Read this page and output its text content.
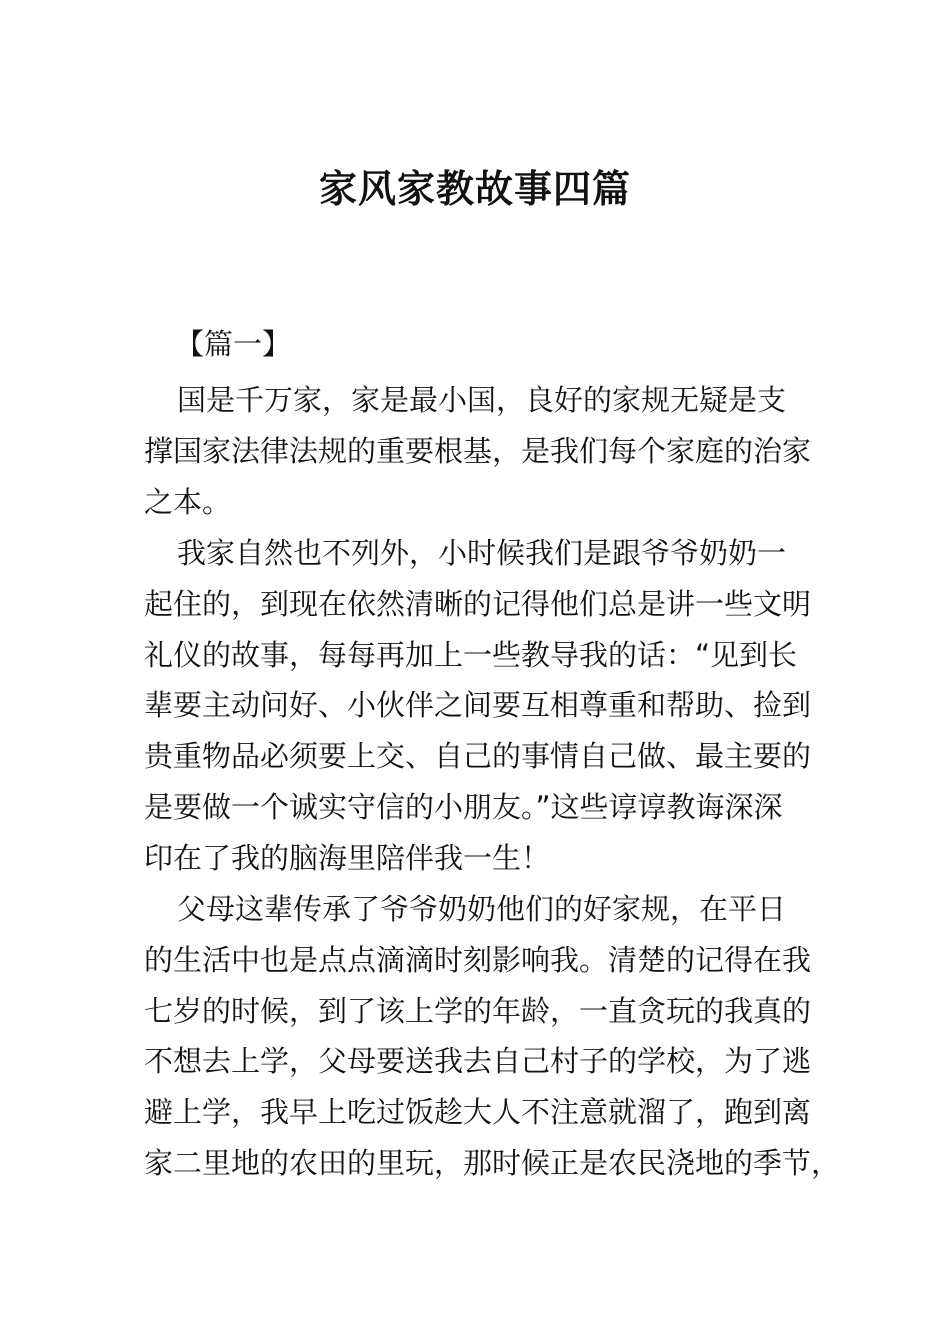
家风家教故事四篇
【篇一】

国是千万家，家是最小国，良好的家规无疑是支
撑国家法律法规的重要根基，是我们每个家庭的治家
之本。

我家自然也不列外，小时候我们是跟爷爷奶奶一
起住的，到现在依然清晰的记得他们总是讲一些文明
礼仪的故事，每每再加上一些教导我的话：“见到长
辈要主动问好、小伙伴之间要互相尊重和帮助、捡到
贵重物品必须要上交、自己的事情自己做、最主要的
是要做一个诚实守信的小朋友。”这些谆谆教诲深深
印在了我的脑海里陪伴我一生！

父母这辈传承了爷爷奶奶他们的好家规，在平日
的生活中也是点点滴滴时刻影响我。清楚的记得在我
七岁的时候，到了该上学的年龄，一直贪玩的我真的
不想去上学，父母要送我去自己村子的学校，为了逃
避上学，我早上吃过饭趁大人不注意就溜了，跑到离
家二里地的农田的里玩，那时候正是农民浇地的季节，
